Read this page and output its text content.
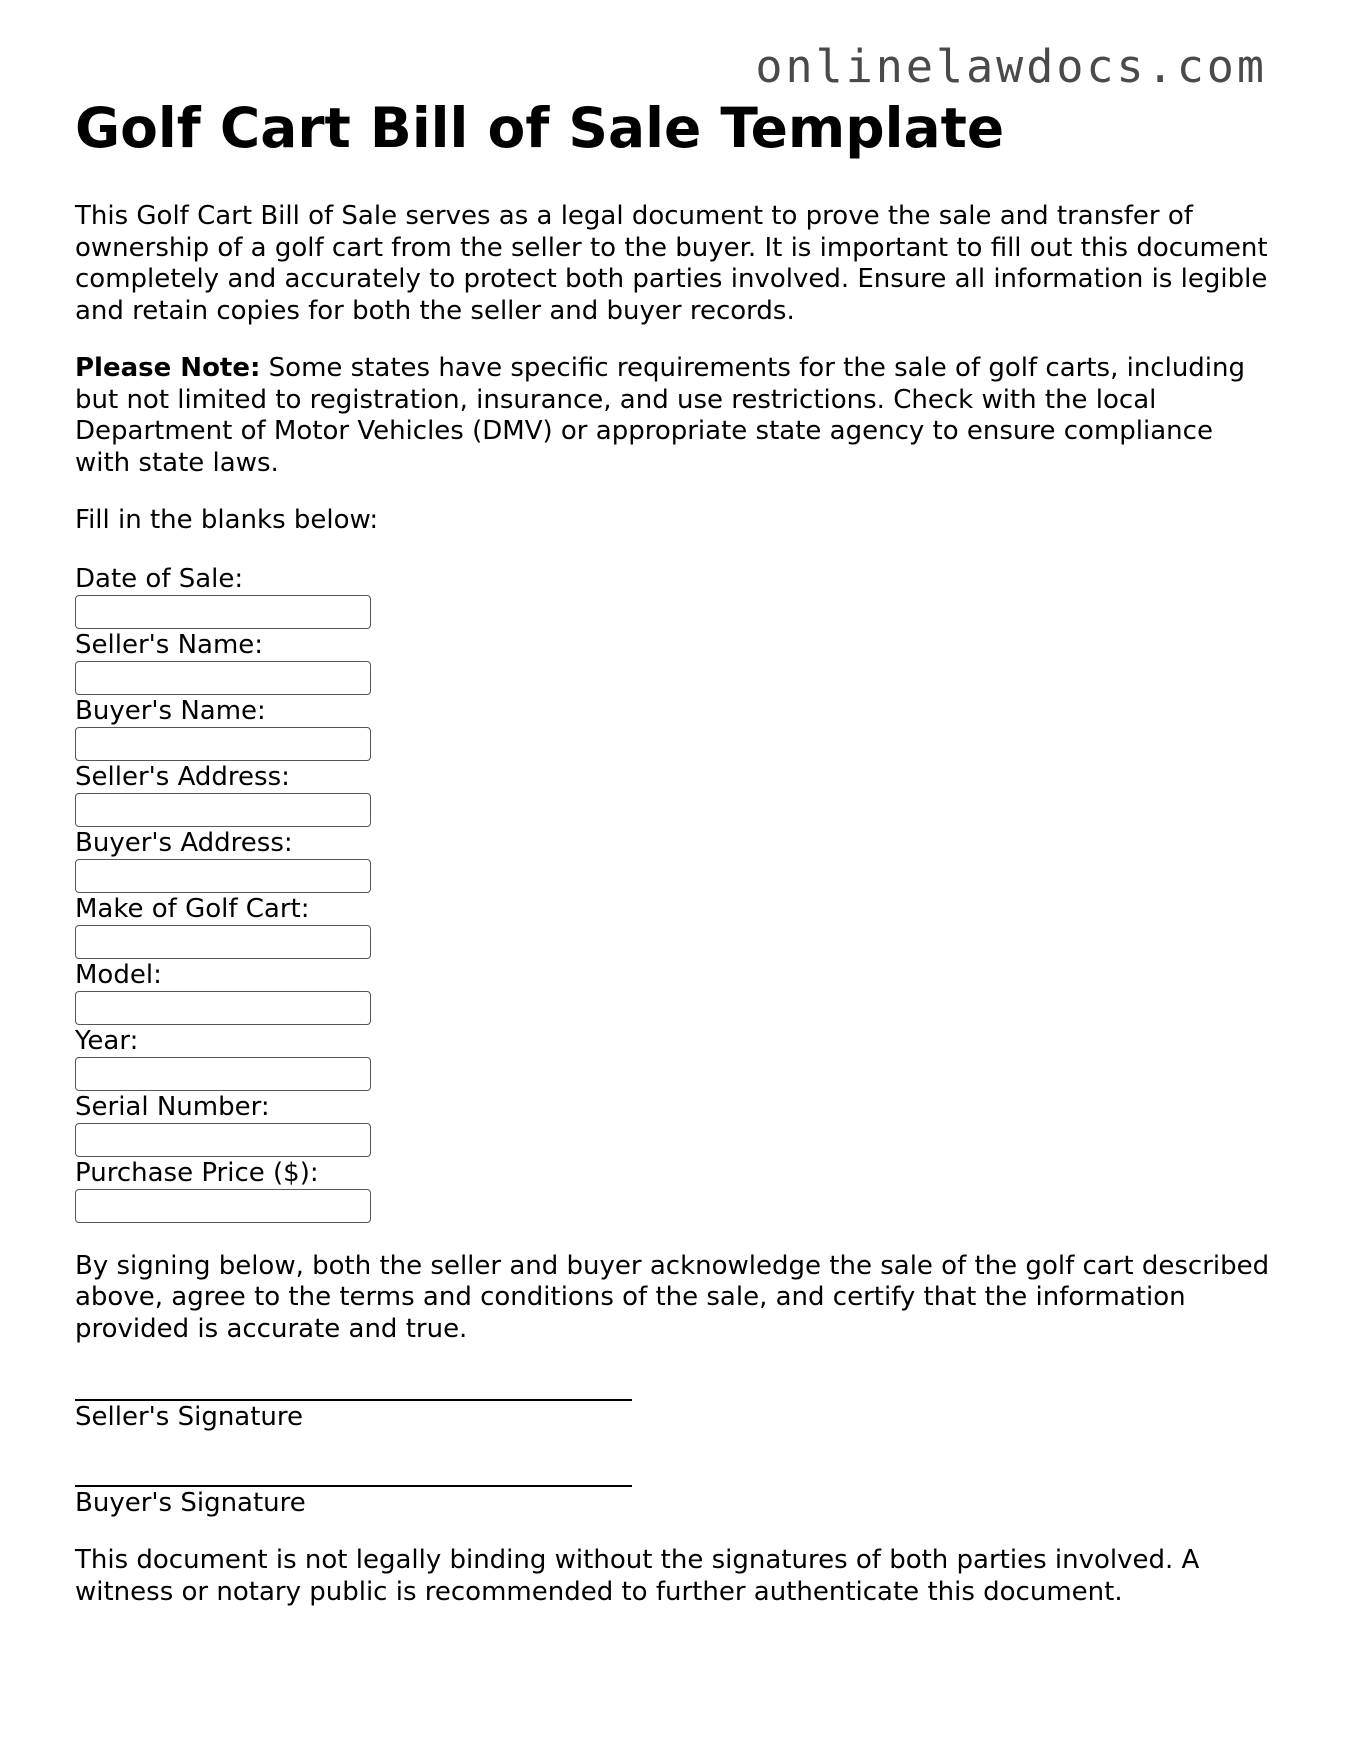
onlinelawdocs.com
Golf Cart Bill of Sale Template

This Golf Cart Bill of Sale serves as a legal document to prove the sale and transfer of ownership of a golf cart from the seller to the buyer. It is important to fill out this document completely and accurately to protect both parties involved. Ensure all information is legible and retain copies for both the seller and buyer records.

Please Note: Some states have specific requirements for the sale of golf carts, including but not limited to registration, insurance, and use restrictions. Check with the local Department of Motor Vehicles (DMV) or appropriate state agency to ensure compliance with state laws.

Fill in the blanks below:

Date of Sale:
Seller's Name:
Buyer's Name:
Seller's Address:
Buyer's Address:
Make of Golf Cart:
Model:
Year:
Serial Number:
Purchase Price ($):

By signing below, both the seller and buyer acknowledge the sale of the golf cart described above, agree to the terms and conditions of the sale, and certify that the information provided is accurate and true.

Seller's Signature
Buyer's Signature

This document is not legally binding without the signatures of both parties involved. A witness or notary public is recommended to further authenticate this document.
